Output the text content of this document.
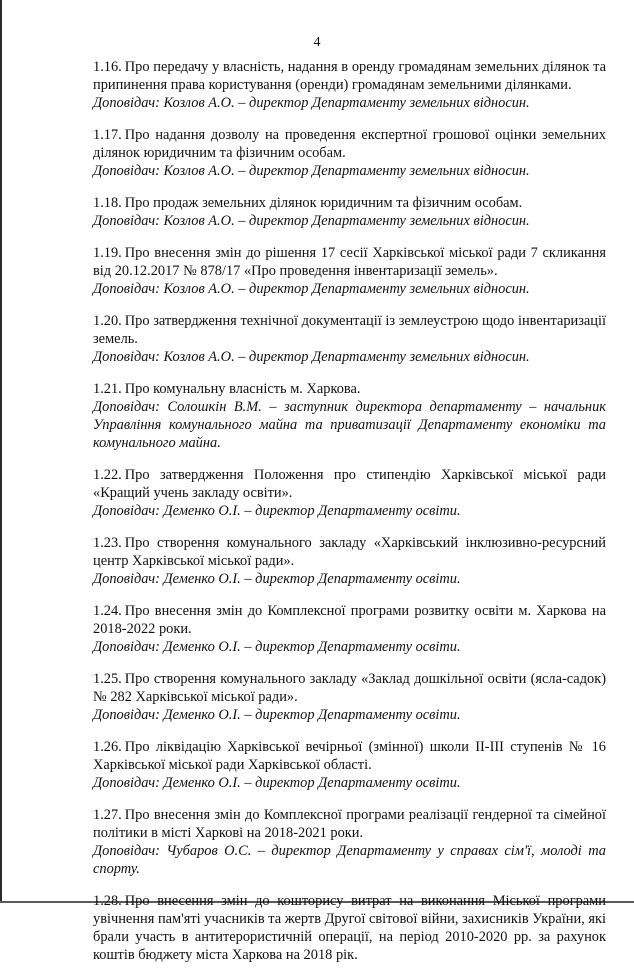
4

1.16. Про передачу у власність, надання в оренду громадянам земельних ділянок та припинення права користування (оренди) громадянам земельними ділянками.

Доповідач: Козлов А.О. – директор Департаменту земельних відносин.

1.17. Про надання дозволу на проведення експертної грошової оцінки земельних ділянок юридичним та фізичним особам.

Доповідач: Козлов А.О. – директор Департаменту земельних відносин.

1.18. Про продаж земельних ділянок юридичним та фізичним особам.

Доповідач: Козлов А.О. – директор Департаменту земельних відносин.

1.19. Про внесення змін до рішення 17 сесії Харківської міської ради 7 скликання від 20.12.2017 № 878/17 «Про проведення інвентаризації земель».

Доповідач: Козлов А.О. – директор Департаменту земельних відносин.

1.20. Про затвердження технічної документації із землеустрою щодо інвентаризації земель.

Доповідач: Козлов А.О. – директор Департаменту земельних відносин.

1.21. Про комунальну власність м. Харкова.

Доповідач: Солошкін В.М. – заступник директора департаменту – начальник Управління комунального майна та приватизації Департаменту економіки та комунального майна.

1.22. Про затвердження Положення про стипендію Харківської міської ради «Кращий учень закладу освіти».

Доповідач: Деменко О.І. – директор Департаменту освіти.

1.23. Про створення комунального закладу «Харківський інклюзивно-ресурсний центр Харківської міської ради».

Доповідач: Деменко О.І. – директор Департаменту освіти.

1.24. Про внесення змін до Комплексної програми розвитку освіти м. Харкова на 2018-2022 роки.

Доповідач: Деменко О.І. – директор Департаменту освіти.

1.25. Про створення комунального закладу «Заклад дошкільної освіти (ясла-садок) № 282 Харківської міської ради».

Доповідач: Деменко О.І. – директор Департаменту освіти.

1.26. Про ліквідацію Харківської вечірньої (змінної) школи ІІ-ІІІ ступенів № 16 Харківської міської ради Харківської області.

Доповідач: Деменко О.І. – директор Департаменту освіти.

1.27. Про внесення змін до Комплексної програми реалізації гендерної та сімейної політики в місті Харкові на 2018-2021 роки.

Доповідач: Чубаров О.С. – директор Департаменту у справах сім'ї, молоді та спорту.

1.28. Про внесення змін до кошторису витрат на виконання Міської програми увічнення пам'яті учасників та жертв Другої світової війни, захисників України, які брали участь в антитерористичній операції, на період 2010-2020 рр. за рахунок коштів бюджету міста Харкова на 2018 рік.
